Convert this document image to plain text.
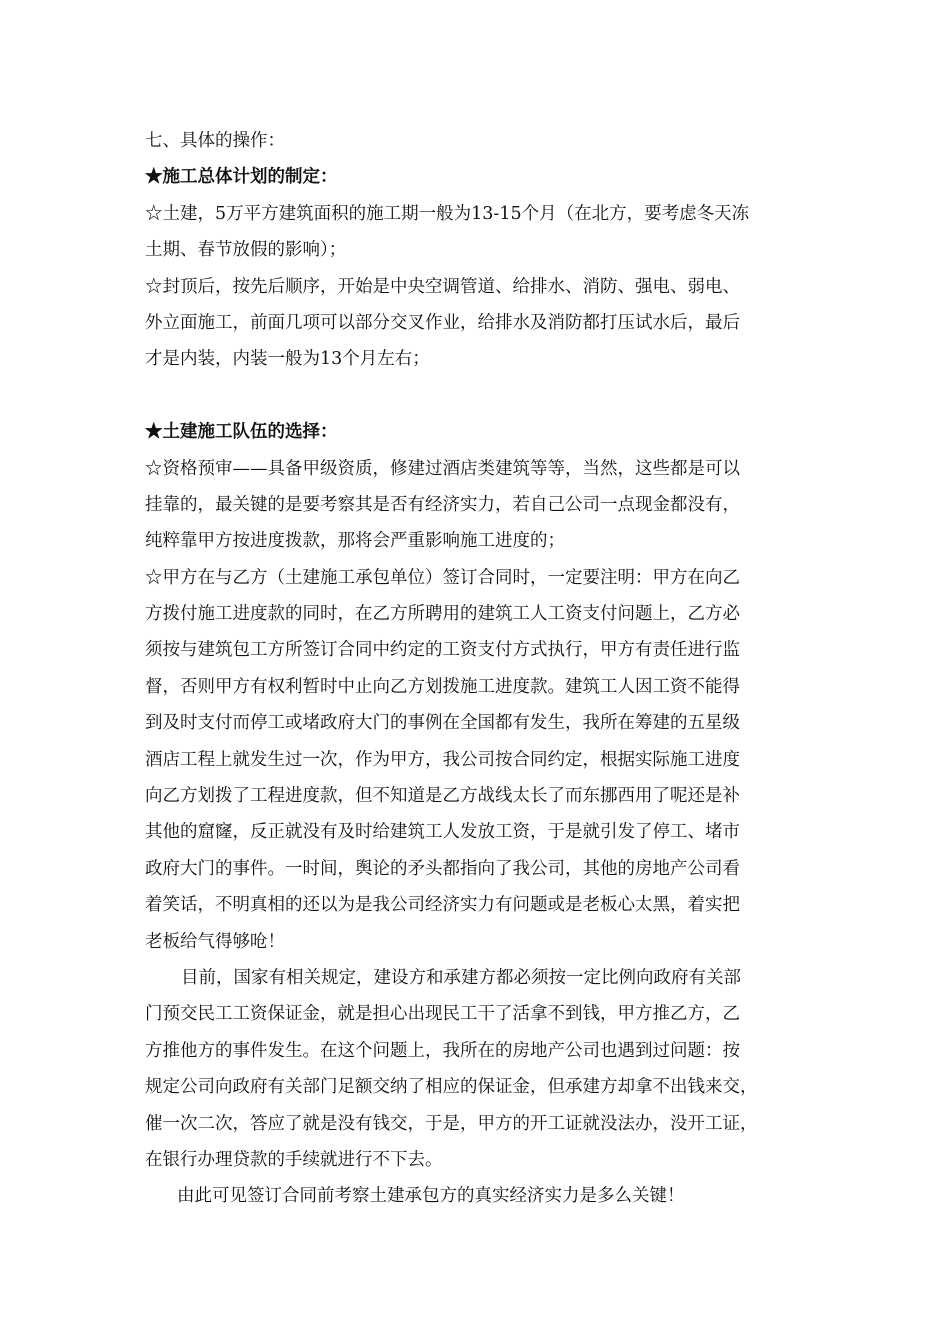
七、具体的操作：

★施工总体计划的制定：

☆土建，5万平方建筑面积的施工期一般为13-15个月（在北方，要考虑冬天冻

土期、春节放假的影响）；

☆封顶后，按先后顺序，开始是中央空调管道、给排水、消防、强电、弱电、

外立面施工，前面几项可以部分交叉作业，给排水及消防都打压试水后，最后

才是内装，内装一般为13个月左右；

★土建施工队伍的选择：

☆资格预审——具备甲级资质，修建过酒店类建筑等等，当然，这些都是可以

挂靠的，最关键的是要考察其是否有经济实力，若自己公司一点现金都没有，

纯粹靠甲方按进度拨款，那将会严重影响施工进度的；

☆甲方在与乙方（土建施工承包单位）签订合同时，一定要注明：甲方在向乙

方拨付施工进度款的同时，在乙方所聘用的建筑工人工资支付问题上，乙方必

须按与建筑包工方所签订合同中约定的工资支付方式执行，甲方有责任进行监

督，否则甲方有权利暂时中止向乙方划拨施工进度款。建筑工人因工资不能得

到及时支付而停工或堵政府大门的事例在全国都有发生，我所在筹建的五星级

酒店工程上就发生过一次，作为甲方，我公司按合同约定，根据实际施工进度

向乙方划拨了工程进度款，但不知道是乙方战线太长了而东挪西用了呢还是补

其他的窟窿，反正就没有及时给建筑工人发放工资，于是就引发了停工、堵市

政府大门的事件。一时间，舆论的矛头都指向了我公司，其他的房地产公司看

着笑话，不明真相的还以为是我公司经济实力有问题或是老板心太黑，着实把

老板给气得够呛！

目前，国家有相关规定，建设方和承建方都必须按一定比例向政府有关部

门预交民工工资保证金，就是担心出现民工干了活拿不到钱，甲方推乙方，乙

方推他方的事件发生。在这个问题上，我所在的房地产公司也遇到过问题：按

规定公司向政府有关部门足额交纳了相应的保证金，但承建方却拿不出钱来交，

催一次二次，答应了就是没有钱交，于是，甲方的开工证就没法办，没开工证，

在银行办理贷款的手续就进行不下去。

由此可见签订合同前考察土建承包方的真实经济实力是多么关键！
